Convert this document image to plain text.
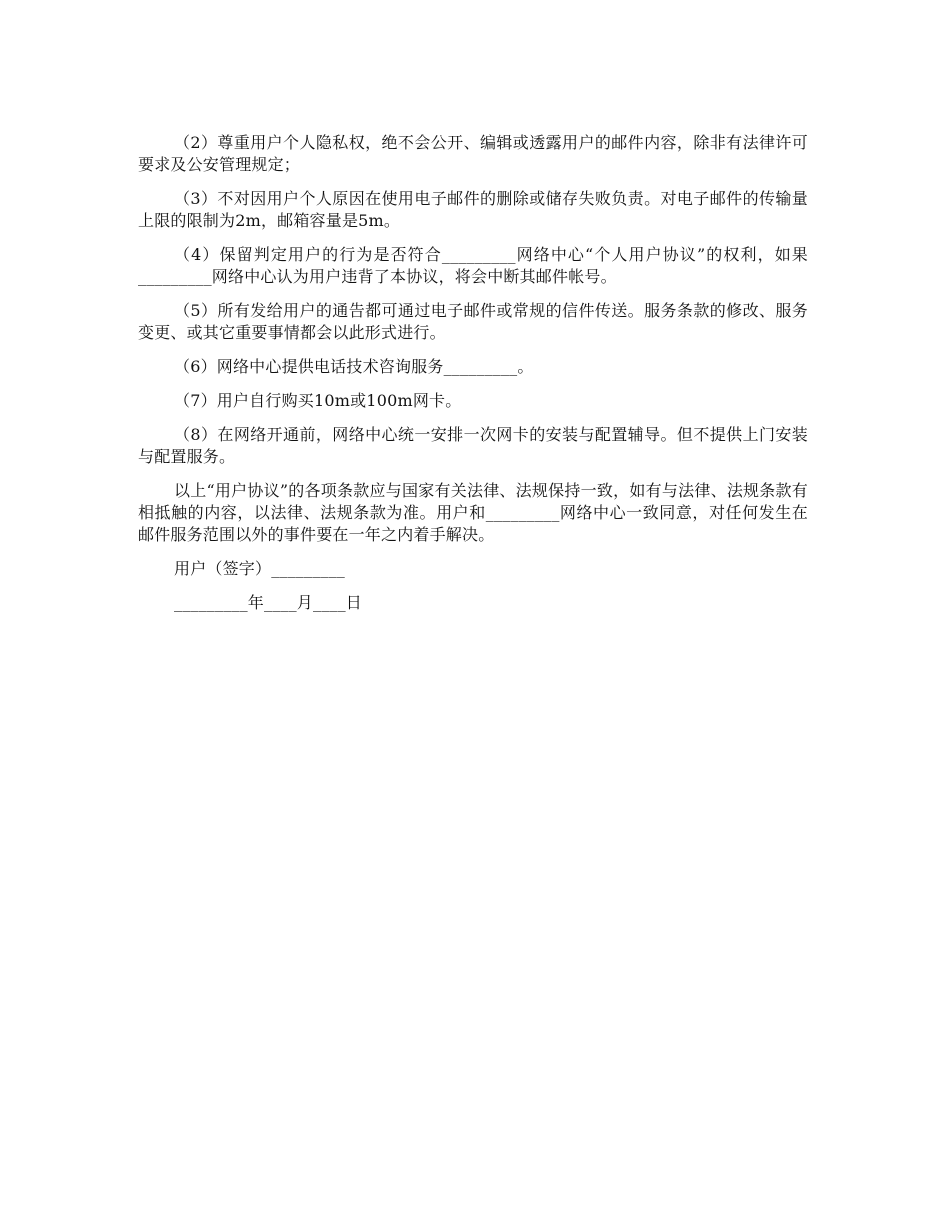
（2）尊重用户个人隐私权，绝不会公开、编辑或透露用户的邮件内容，除非有法律许可要求及公安管理规定；

（3）不对因用户个人原因在使用电子邮件的删除或储存失败负责。对电子邮件的传输量上限的限制为2m，邮箱容量是5m。

（4）保留判定用户的行为是否符合_________网络中心“个人用户协议”的权利，如果_________网络中心认为用户违背了本协议，将会中断其邮件帐号。

（5）所有发给用户的通告都可通过电子邮件或常规的信件传送。服务条款的修改、服务变更、或其它重要事情都会以此形式进行。

（6）网络中心提供电话技术咨询服务_________。

（7）用户自行购买10m或100m网卡。

（8）在网络开通前，网络中心统一安排一次网卡的安装与配置辅导。但不提供上门安装与配置服务。

以上“用户协议”的各项条款应与国家有关法律、法规保持一致，如有与法律、法规条款有相抵触的内容，以法律、法规条款为准。用户和_________网络中心一致同意，对任何发生在邮件服务范围以外的事件要在一年之内着手解决。

用户（签字）_________

_________年____月____日
